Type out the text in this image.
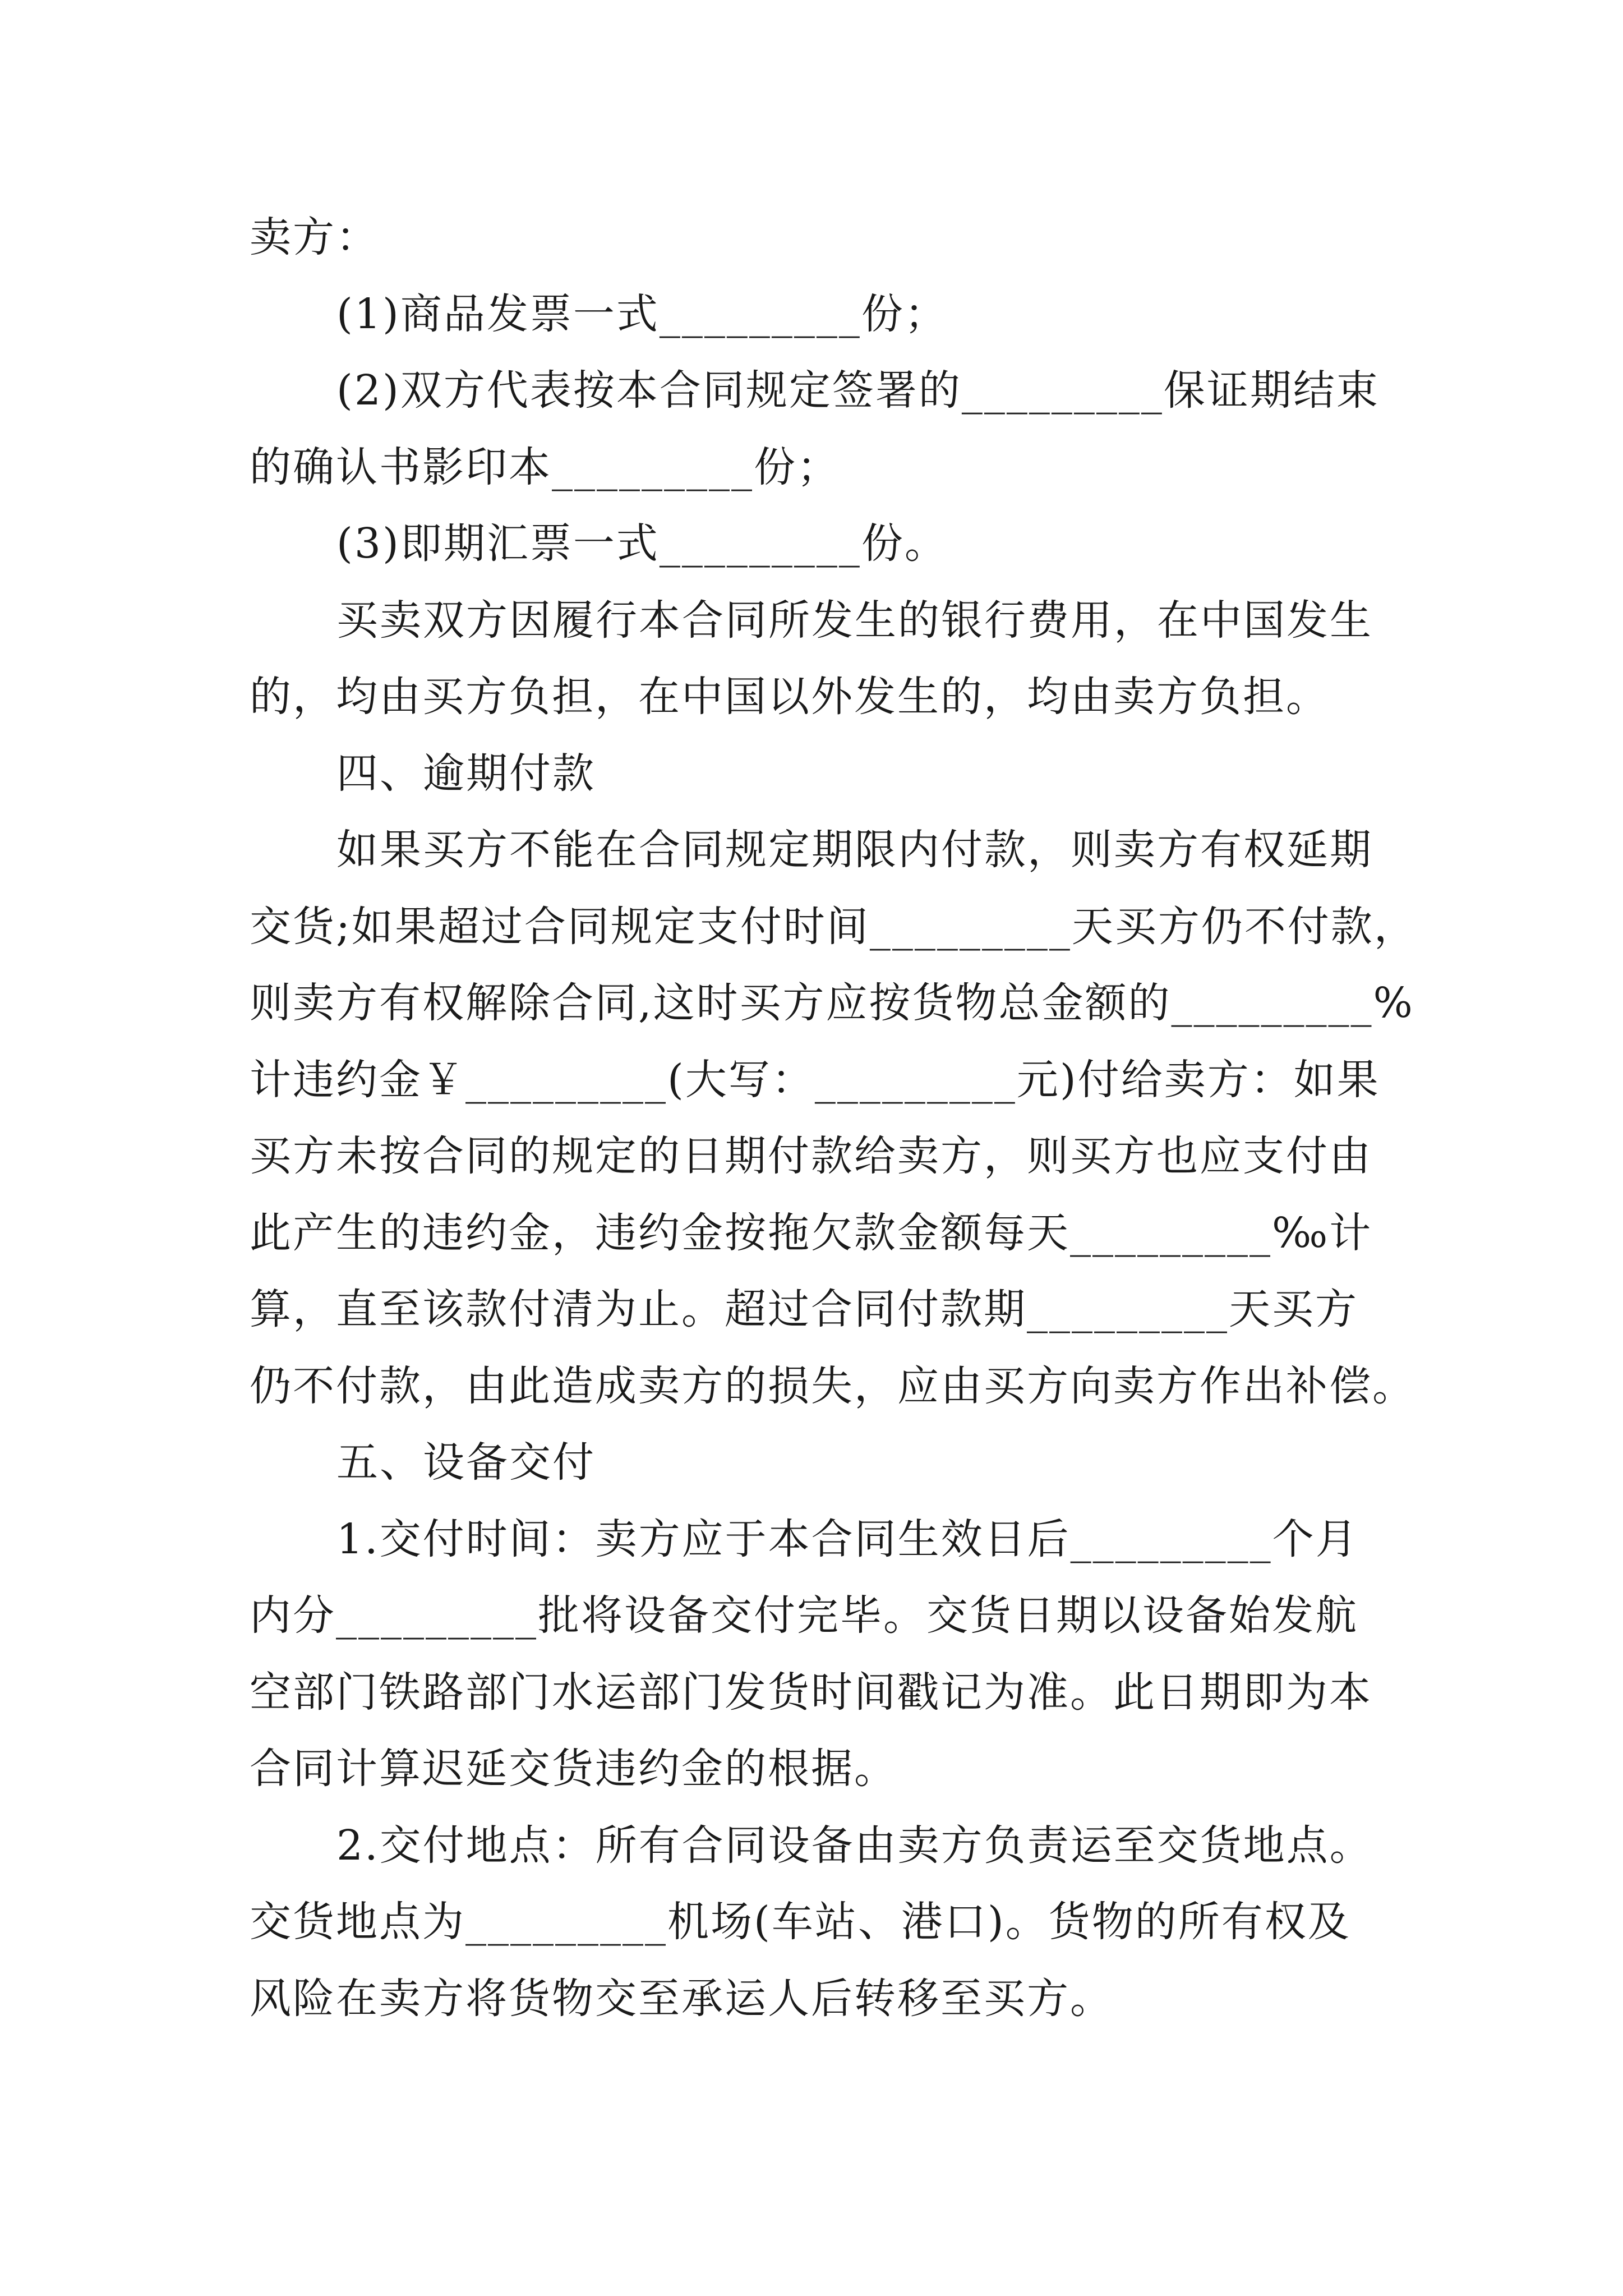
卖方：
(1)商品发票一式_________份；
(2)双方代表按本合同规定签署的_________保证期结束
的确认书影印本_________份；
(3)即期汇票一式_________份。
买卖双方因履行本合同所发生的银行费用，在中国发生
的，均由买方负担，在中国以外发生的，均由卖方负担。
四、逾期付款
如果买方不能在合同规定期限内付款，则卖方有权延期
交货;如果超过合同规定支付时间_________天买方仍不付款，
则卖方有权解除合同,这时买方应按货物总金额的_________%
计违约金￥_________(大写：_________元)付给卖方：如果
买方未按合同的规定的日期付款给卖方，则买方也应支付由
此产生的违约金，违约金按拖欠款金额每天_________‰计
算，直至该款付清为止。超过合同付款期_________天买方
仍不付款，由此造成卖方的损失，应由买方向卖方作出补偿。
五、设备交付
1.交付时间：卖方应于本合同生效日后_________个月
内分_________批将设备交付完毕。交货日期以设备始发航
空部门铁路部门水运部门发货时间戳记为准。此日期即为本
合同计算迟延交货违约金的根据。
2.交付地点：所有合同设备由卖方负责运至交货地点。
交货地点为_________机场(车站、港口)。货物的所有权及
风险在卖方将货物交至承运人后转移至买方。
